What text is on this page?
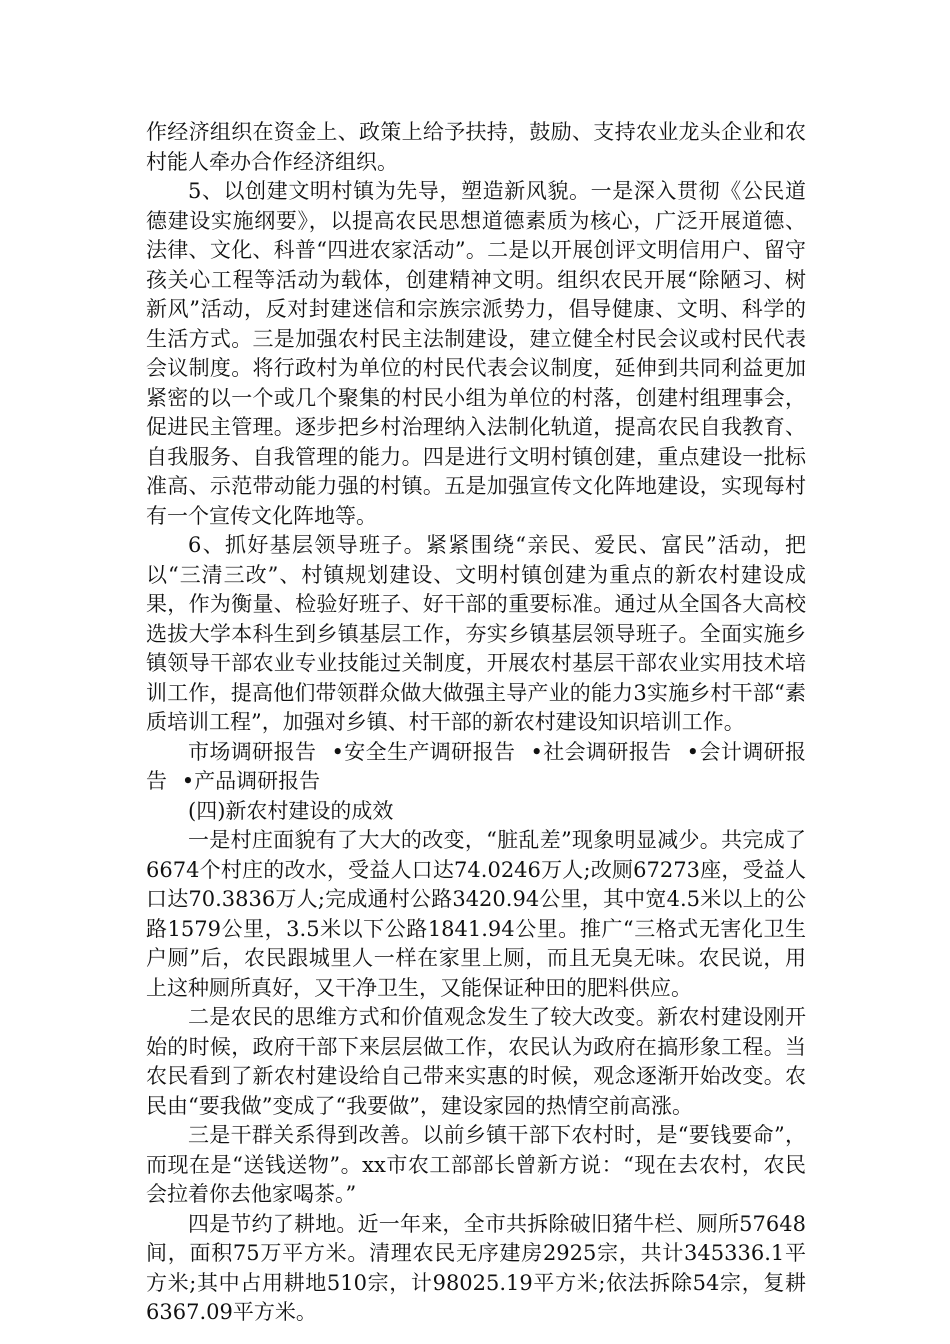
作经济组织在资金上、政策上给予扶持，鼓励、支持农业龙头企业和农村能人牵办合作经济组织。

5、以创建文明村镇为先导，塑造新风貌。一是深入贯彻《公民道德建设实施纲要》，以提高农民思想道德素质为核心，广泛开展道德、法律、文化、科普“四进农家活动”。二是以开展创评文明信用户、留守孩关心工程等活动为载体，创建精神文明。组织农民开展“除陋习、树新风”活动，反对封建迷信和宗族宗派势力，倡导健康、文明、科学的生活方式。三是加强农村民主法制建设，建立健全村民会议或村民代表会议制度。将行政村为单位的村民代表会议制度，延伸到共同利益更加紧密的以一个或几个聚集的村民小组为单位的村落，创建村组理事会，促进民主管理。逐步把乡村治理纳入法制化轨道，提高农民自我教育、自我服务、自我管理的能力。四是进行文明村镇创建，重点建设一批标准高、示范带动能力强的村镇。五是加强宣传文化阵地建设，实现每村有一个宣传文化阵地等。

6、抓好基层领导班子。紧紧围绕“亲民、爱民、富民”活动，把以“三清三改”、村镇规划建设、文明村镇创建为重点的新农村建设成果，作为衡量、检验好班子、好干部的重要标准。通过从全国各大高校选拔大学本科生到乡镇基层工作，夯实乡镇基层领导班子。全面实施乡镇领导干部农业专业技能过关制度，开展农村基层干部农业实用技术培训工作，提高他们带领群众做大做强主导产业的能力3实施乡村干部“素质培训工程”，加强对乡镇、村干部的新农村建设知识培训工作。

市场调研报告 •安全生产调研报告 •社会调研报告 •会计调研报告 •产品调研报告

(四)新农村建设的成效

一是村庄面貌有了大大的改变，“脏乱差”现象明显减少。共完成了6674个村庄的改水，受益人口达74.0246万人;改厕67273座，受益人口达70.3836万人;完成通村公路3420.94公里，其中宽4.5米以上的公路1579公里，3.5米以下公路1841.94公里。推广“三格式无害化卫生户厕”后，农民跟城里人一样在家里上厕，而且无臭无味。农民说，用上这种厕所真好，又干净卫生，又能保证种田的肥料供应。

二是农民的思维方式和价值观念发生了较大改变。新农村建设刚开始的时候，政府干部下来层层做工作，农民认为政府在搞形象工程。当农民看到了新农村建设给自己带来实惠的时候，观念逐渐开始改变。农民由“要我做”变成了“我要做”，建设家园的热情空前高涨。

三是干群关系得到改善。以前乡镇干部下农村时，是“要钱要命”，而现在是“送钱送物”。xx市农工部部长曾新方说：“现在去农村，农民会拉着你去他家喝茶。”

四是节约了耕地。近一年来，全市共拆除破旧猪牛栏、厕所57648间，面积75万平方米。清理农民无序建房2925宗，共计345336.1平方米;其中占用耕地510宗，计98025.19平方米;依法拆除54宗，复耕6367.09平方米。
